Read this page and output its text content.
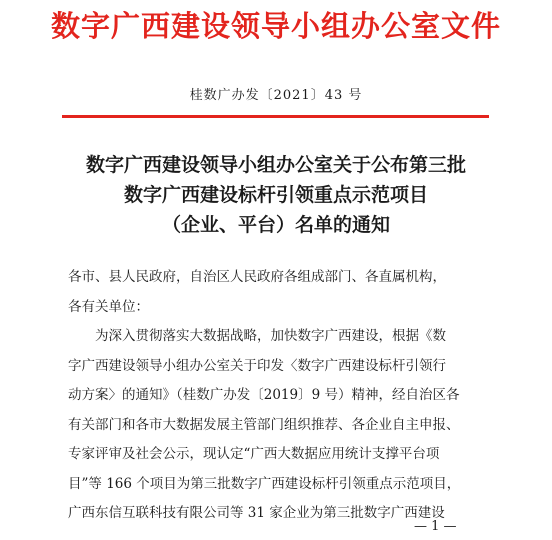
数字广西建设领导小组办公室文件
桂数广办发〔2021〕43 号
数字广西建设领导小组办公室关于公布第三批
数字广西建设标杆引领重点示范项目
（企业、平台）名单的通知

各市、县人民政府，自治区人民政府各组成部门、各直属机构，

各有关单位：

为深入贯彻落实大数据战略，加快数字广西建设，根据《数

字广西建设领导小组办公室关于印发〈数字广西建设标杆引领行

动方案〉的通知》（桂数广办发〔2019〕9 号）精神，经自治区各

有关部门和各市大数据发展主管部门组织推荐、各企业自主申报、

专家评审及社会公示，现认定“广西大数据应用统计支撑平台项

目”等 166 个项目为第三批数字广西建设标杆引领重点示范项目，

广西东信互联科技有限公司等 31 家企业为第三批数字广西建设

— 1 —
